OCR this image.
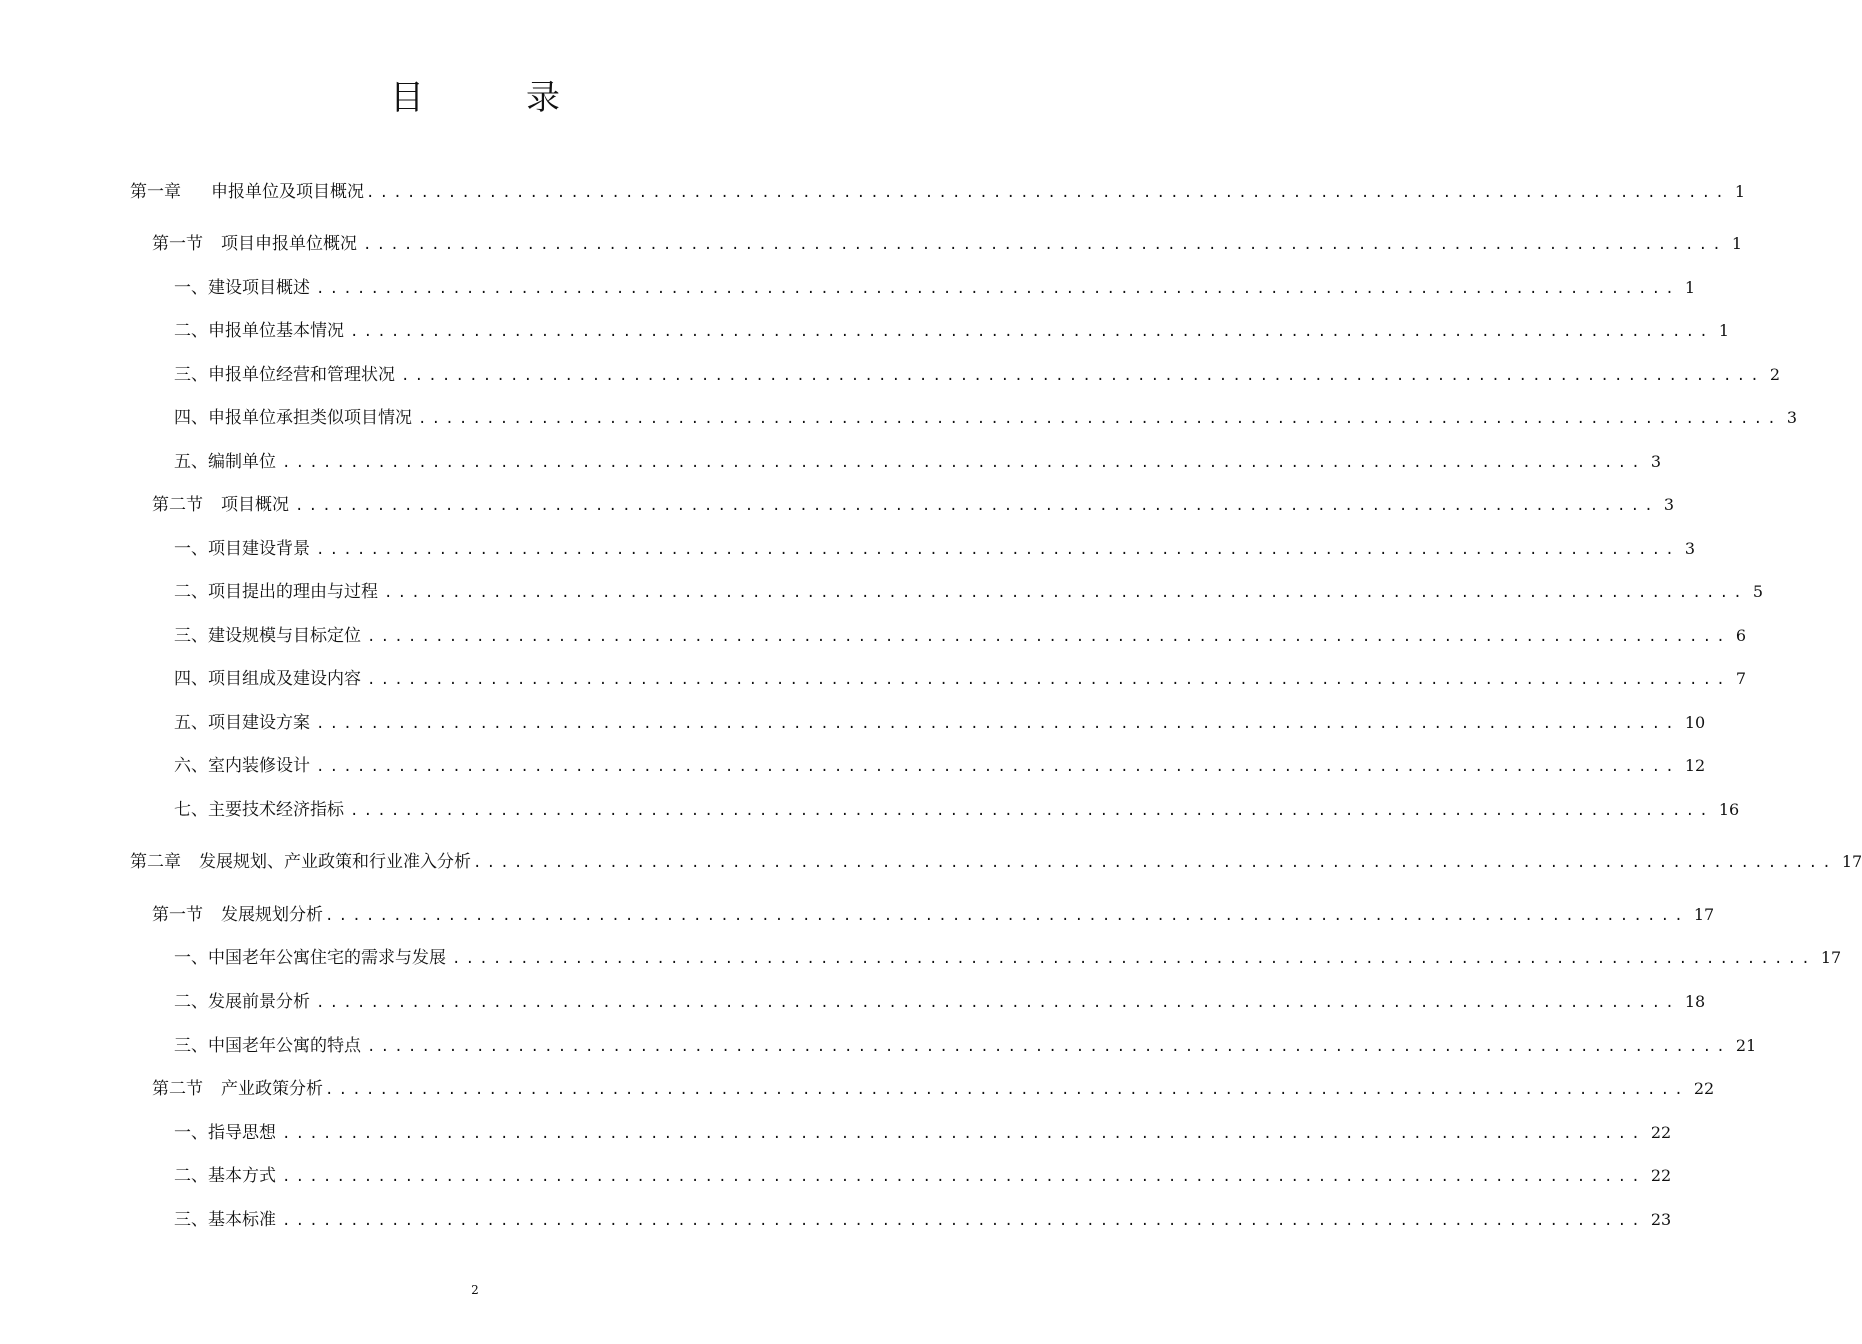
目　录
第一章 申报单位及项目概况 .................................................................................................... 1
第一节 项目申报单位概况 .................................................................................................... 1
一、建设项目概述 .................................................................................................... 1
二、申报单位基本情况 .................................................................................................... 1
三、申报单位经营和管理状况 .................................................................................................... 2
四、申报单位承担类似项目情况 .................................................................................................... 3
五、编制单位 .................................................................................................... 3
第二节 项目概况 .................................................................................................... 3
一、项目建设背景 .................................................................................................... 3
二、项目提出的理由与过程 .................................................................................................... 5
三、建设规模与目标定位 .................................................................................................... 6
四、项目组成及建设内容 .................................................................................................... 7
五、项目建设方案 .................................................................................................... 10
六、室内装修设计 .................................................................................................... 12
七、主要技术经济指标 .................................................................................................... 16
第二章 发展规划、产业政策和行业准入分析 .................................................................................................... 17
第一节 发展规划分析 .................................................................................................... 17
一、中国老年公寓住宅的需求与发展 .................................................................................................... 17
二、发展前景分析 .................................................................................................... 18
三、中国老年公寓的特点 .................................................................................................... 21
第二节 产业政策分析 .................................................................................................... 22
一、指导思想 .................................................................................................... 22
二、基本方式 .................................................................................................... 22
三、基本标准 .................................................................................................... 23
2
